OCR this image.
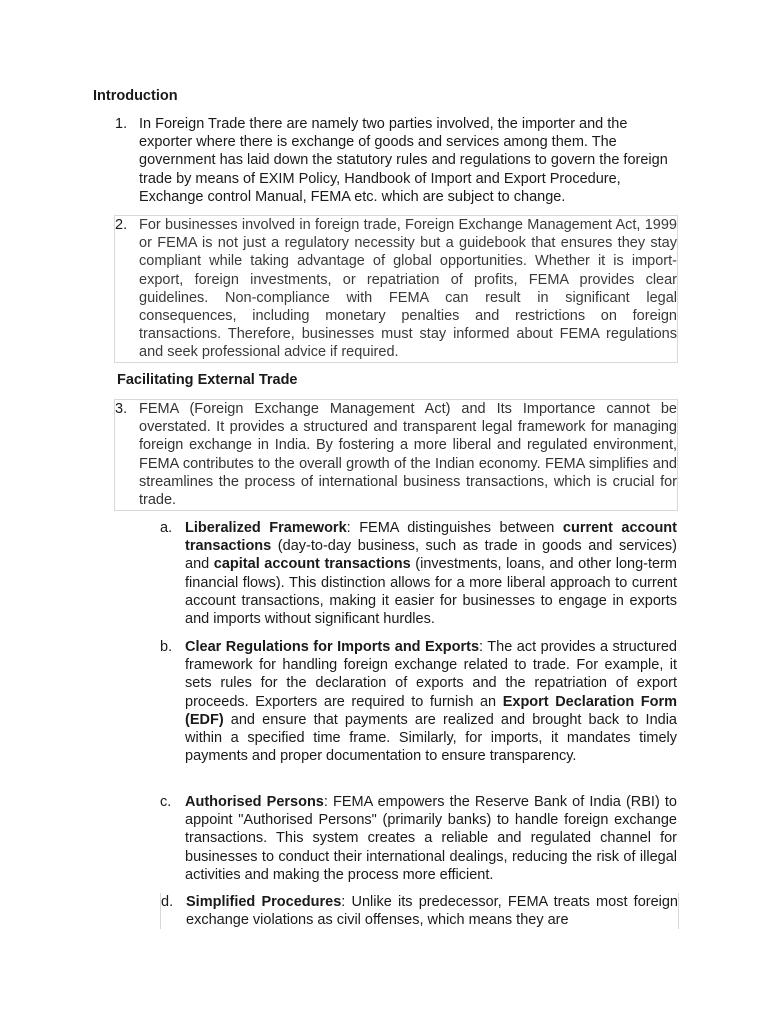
Introduction
1. In Foreign Trade there are namely two parties involved, the importer and the exporter where there is exchange of goods and services among them. The government has laid down the statutory rules and regulations to govern the foreign trade by means of EXIM Policy, Handbook of Import and Export Procedure, Exchange control Manual, FEMA etc. which are subject to change.
2. For businesses involved in foreign trade, Foreign Exchange Management Act, 1999 or FEMA is not just a regulatory necessity but a guidebook that ensures they stay compliant while taking advantage of global opportunities. Whether it is import-export, foreign investments, or repatriation of profits, FEMA provides clear guidelines. Non-compliance with FEMA can result in significant legal consequences, including monetary penalties and restrictions on foreign transactions. Therefore, businesses must stay informed about FEMA regulations and seek professional advice if required.
Facilitating External Trade
3. FEMA (Foreign Exchange Management Act) and Its Importance cannot be overstated. It provides a structured and transparent legal framework for managing foreign exchange in India. By fostering a more liberal and regulated environment, FEMA contributes to the overall growth of the Indian economy. FEMA simplifies and streamlines the process of international business transactions, which is crucial for trade.
a. Liberalized Framework: FEMA distinguishes between current account transactions (day-to-day business, such as trade in goods and services) and capital account transactions (investments, loans, and other long-term financial flows). This distinction allows for a more liberal approach to current account transactions, making it easier for businesses to engage in exports and imports without significant hurdles.
b. Clear Regulations for Imports and Exports: The act provides a structured framework for handling foreign exchange related to trade. For example, it sets rules for the declaration of exports and the repatriation of export proceeds. Exporters are required to furnish an Export Declaration Form (EDF) and ensure that payments are realized and brought back to India within a specified time frame. Similarly, for imports, it mandates timely payments and proper documentation to ensure transparency.
c. Authorised Persons: FEMA empowers the Reserve Bank of India (RBI) to appoint "Authorised Persons" (primarily banks) to handle foreign exchange transactions. This system creates a reliable and regulated channel for businesses to conduct their international dealings, reducing the risk of illegal activities and making the process more efficient.
d. Simplified Procedures: Unlike its predecessor, FEMA treats most foreign exchange violations as civil offenses, which means they are
